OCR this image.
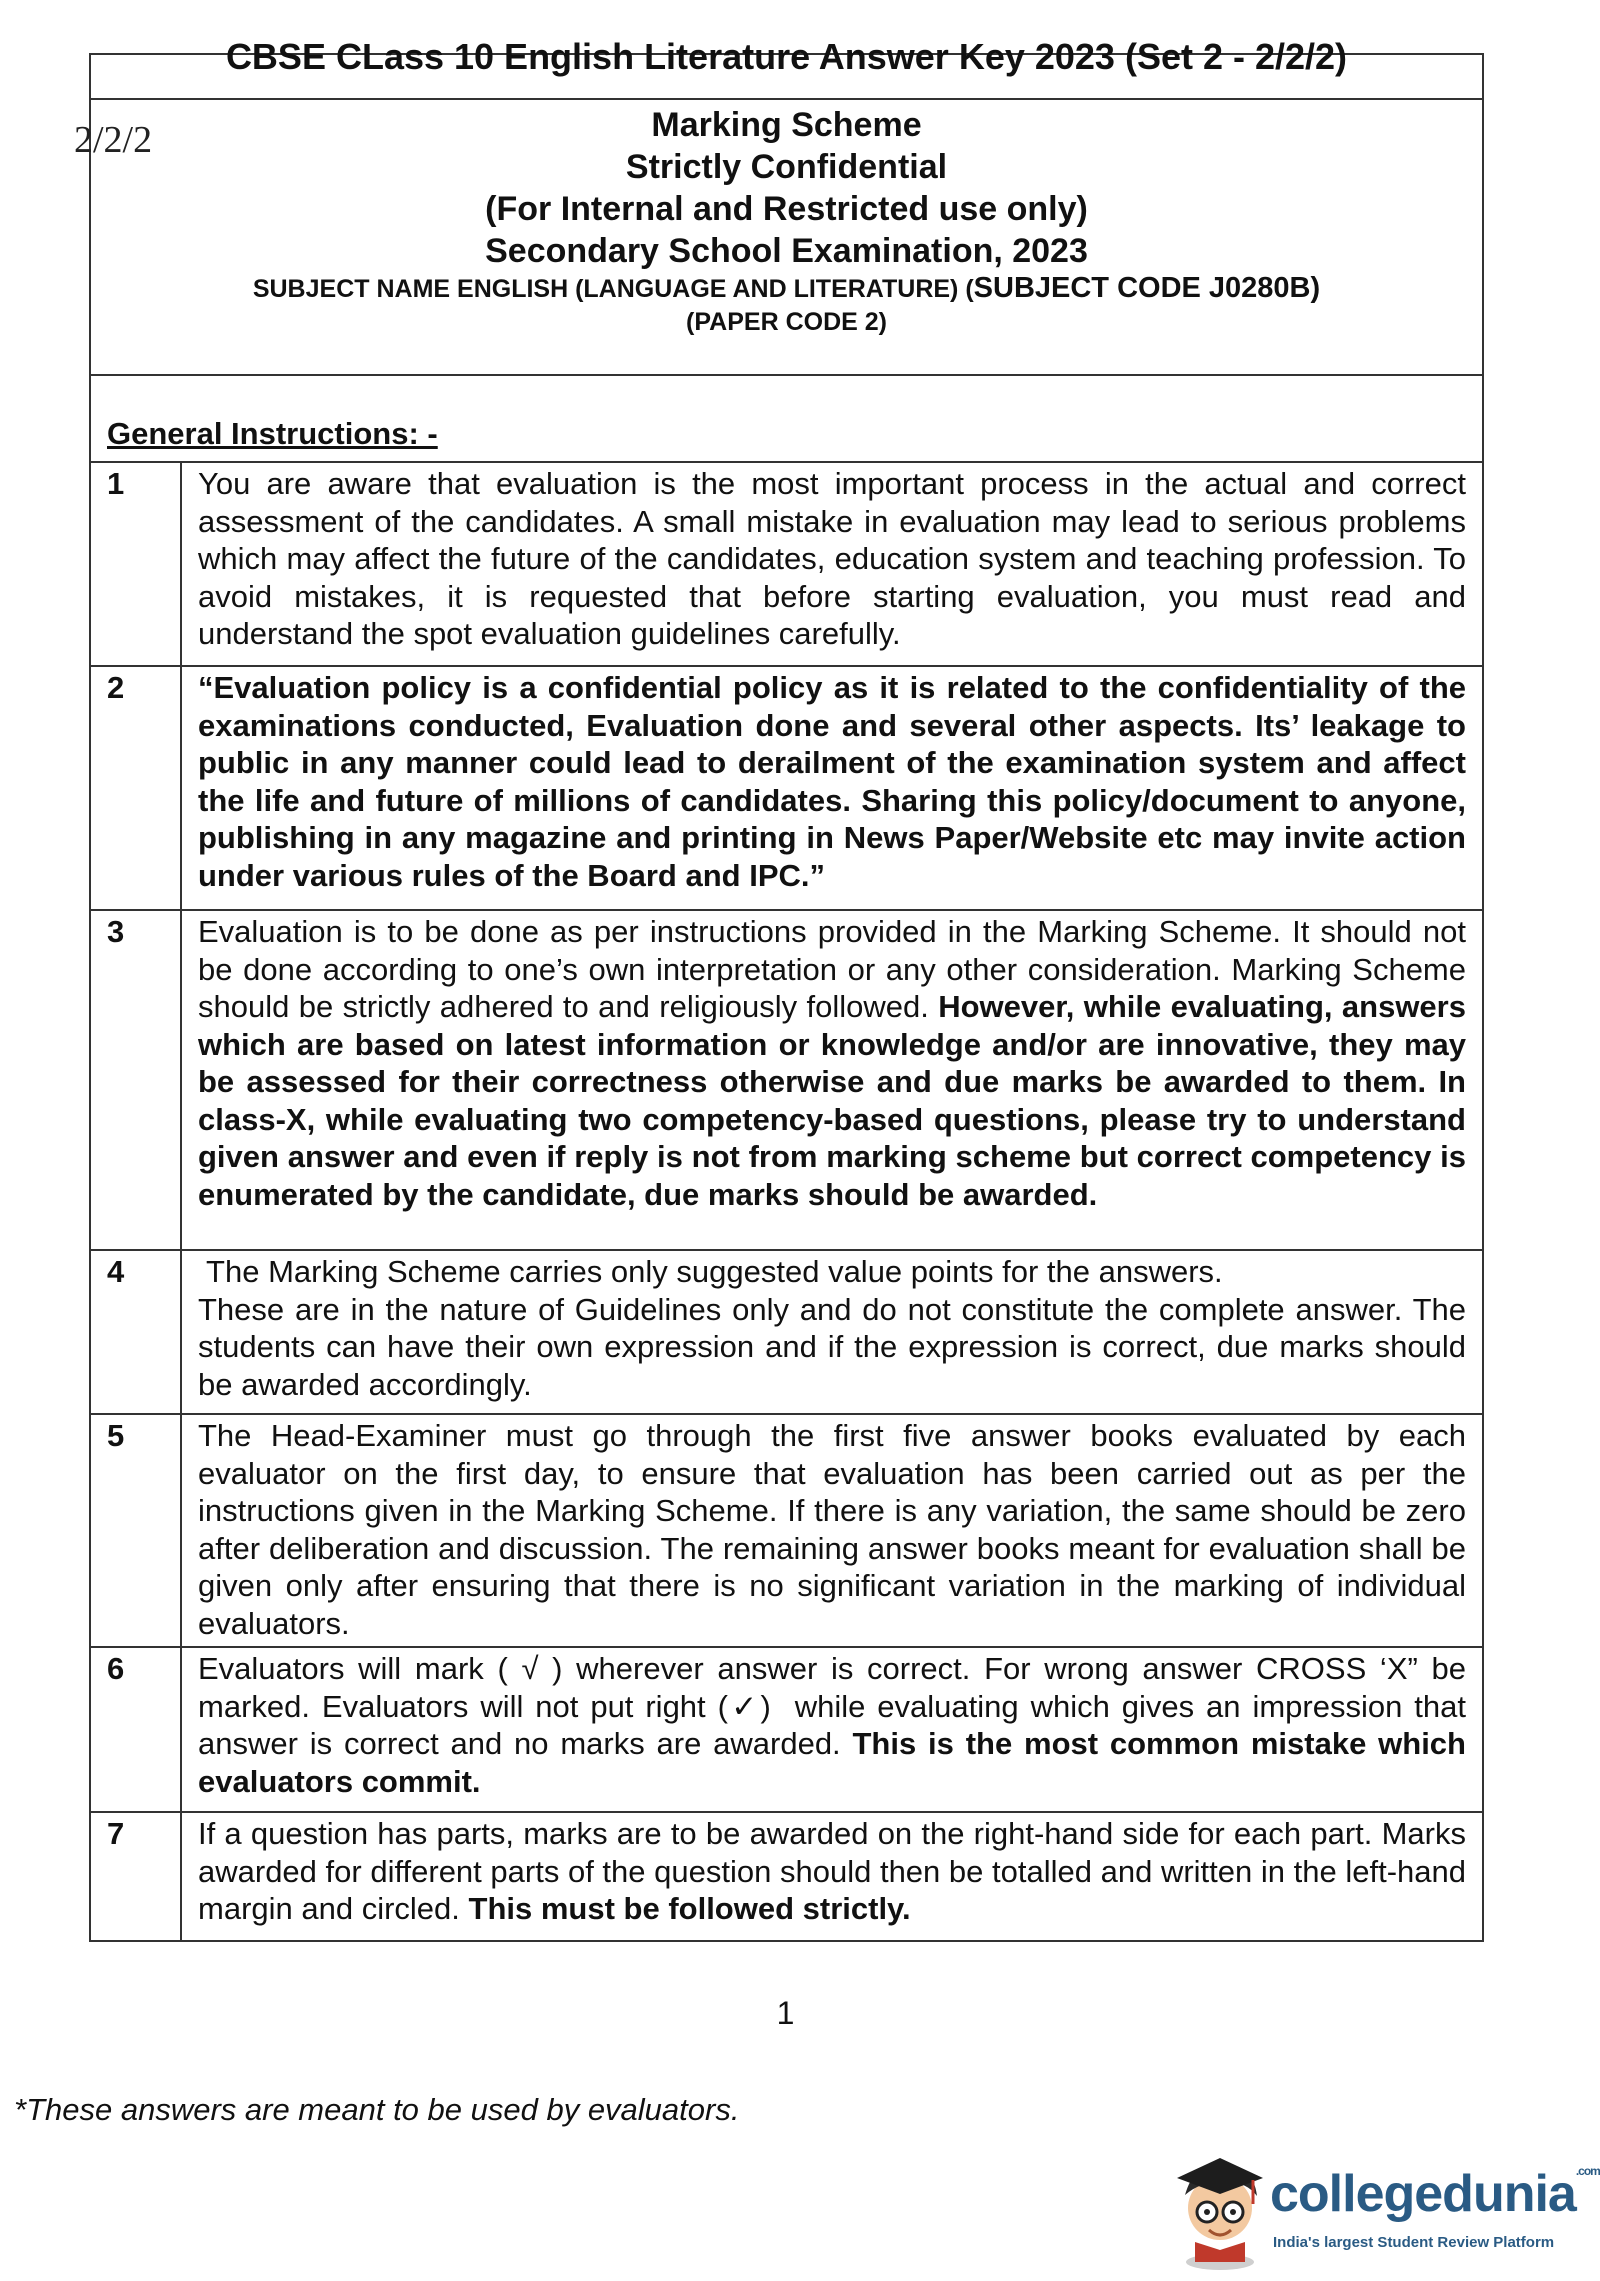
CBSE CLass 10 English Literature Answer Key 2023 (Set 2 - 2/2/2)
Marking Scheme
Strictly Confidential
(For Internal and Restricted use only)
Secondary School Examination, 2023
SUBJECT NAME ENGLISH (LANGUAGE AND LITERATURE) (SUBJECT CODE J0280B)
(PAPER CODE 2)
General Instructions: -
1	You are aware that evaluation is the most important process in the actual and correct assessment of the candidates. A small mistake in evaluation may lead to serious problems which may affect the future of the candidates, education system and teaching profession. To avoid mistakes, it is requested that before starting evaluation, you must read and understand the spot evaluation guidelines carefully.
2	“Evaluation policy is a confidential policy as it is related to the confidentiality of the examinations conducted, Evaluation done and several other aspects. Its’ leakage to public in any manner could lead to derailment of the examination system and affect the life and future of millions of candidates. Sharing this policy/document to anyone, publishing in any magazine and printing in News Paper/Website etc may invite action under various rules of the Board and IPC.”
3	Evaluation is to be done as per instructions provided in the Marking Scheme. It should not be done according to one’s own interpretation or any other consideration. Marking Scheme should be strictly adhered to and religiously followed. However, while evaluating, answers which are based on latest information or knowledge and/or are innovative, they may be assessed for their correctness otherwise and due marks be awarded to them. In class-X, while evaluating two competency-based questions, please try to understand given answer and even if reply is not from marking scheme but correct competency is enumerated by the candidate, due marks should be awarded.
4	The Marking Scheme carries only suggested value points for the answers.
These are in the nature of Guidelines only and do not constitute the complete answer. The students can have their own expression and if the expression is correct, due marks should be awarded accordingly.

5	The Head-Examiner must go through the first five answer books evaluated by each evaluator on the first day, to ensure that evaluation has been carried out as per the instructions given in the Marking Scheme. If there is any variation, the same should be zero after deliberation and discussion. The remaining answer books meant for evaluation shall be given only after ensuring that there is no significant variation in the marking of individual evaluators.
6	Evaluators will mark ( √ ) wherever answer is correct. For wrong answer CROSS ‘X” be marked. Evaluators will not put right (✓)  while evaluating which gives an impression that answer is correct and no marks are awarded. This is the most common mistake which evaluators commit.
7	If a question has parts, marks are to be awarded on the right-hand side for each part. Marks awarded for different parts of the question should then be totalled and written in the left-hand margin and circled. This must be followed strictly.
2/2/2
1
*These answers are meant to be used by evaluators.
collegedunia$^{.com}$
India's largest Student Review Platform
